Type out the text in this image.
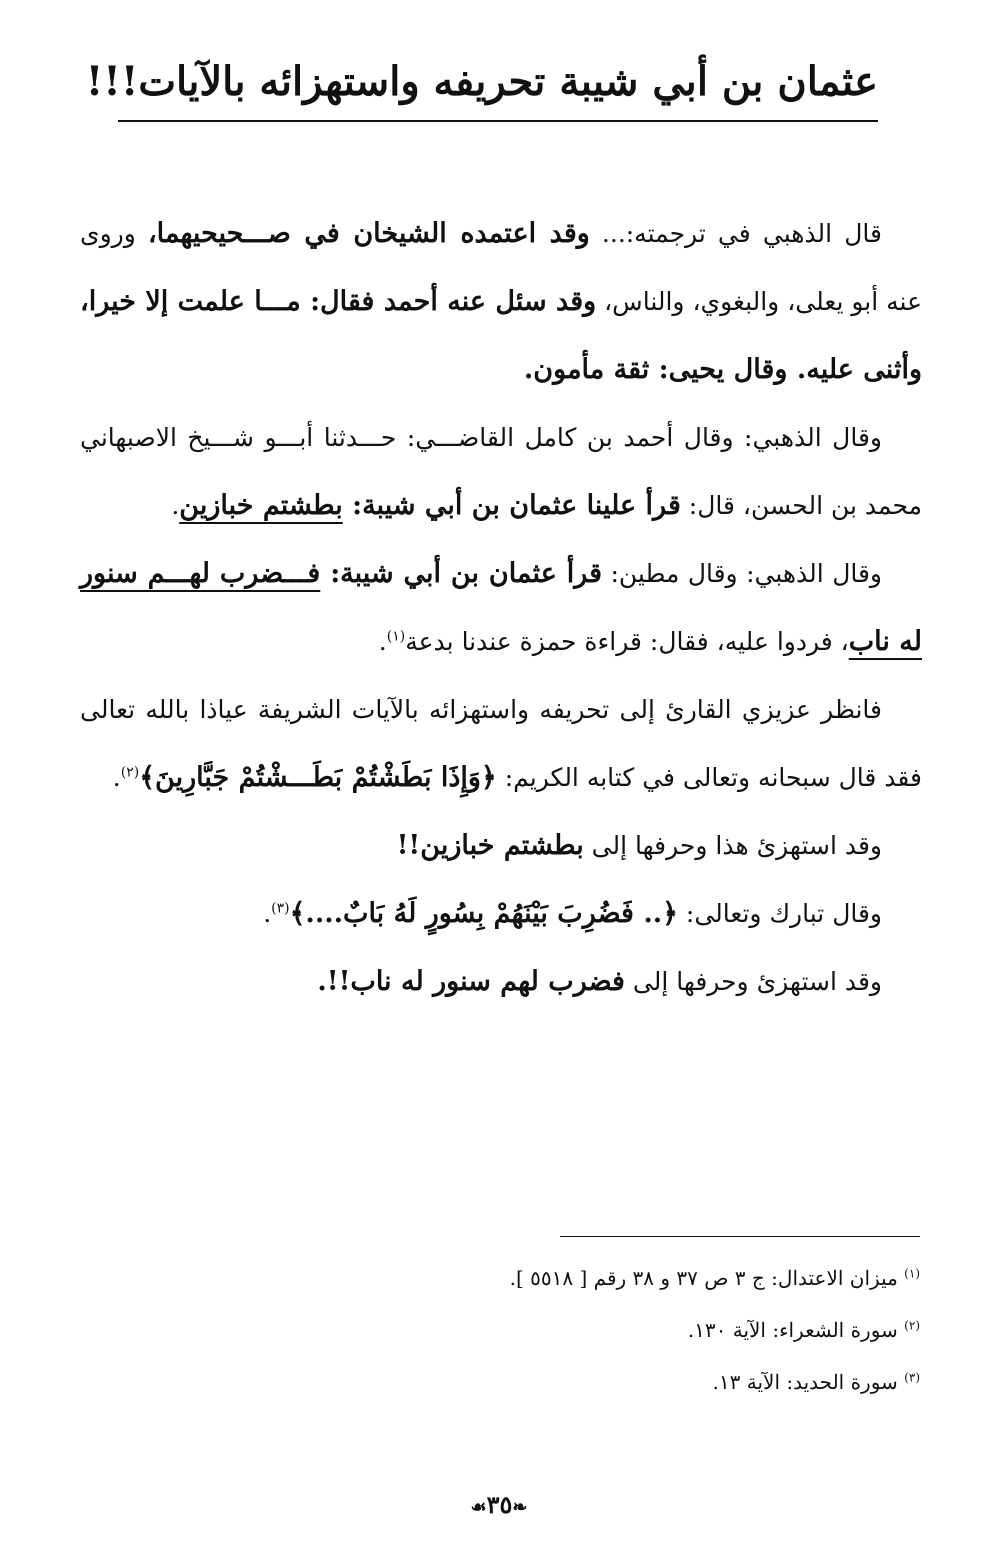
عثمان بن أبي شيبة تحريفه واستهزائه بالآيات!!!

قال الذهبي في ترجمته:... وقد اعتمده الشيخان في صـــحيحيهما، وروى عنه أبو يعلى، والبغوي، والناس، وقد سئل عنه أحمد فقال: مـــا علمت إلا خيرا، وأثنى عليه. وقال يحيى: ثقة مأمون.

وقال الذهبي: وقال أحمد بن كامل القاضـــي: حـــدثنا أبـــو شـــيخ الاصبهاني محمد بن الحسن، قال: قرأ علينا عثمان بن أبي شيبة: بطشتم خبازين.

وقال الذهبي: وقال مطين: قرأ عثمان بن أبي شيبة: فـــضرب لهـــم سنور له ناب، فردوا عليه، فقال: قراءة حمزة عندنا بدعة$^{(١)}$.

فانظر عزيزي القارئ إلى تحريفه واستهزائه بالآيات الشريفة عياذا بالله تعالى فقد قال سبحانه وتعالى في كتابه الكريم: ﴿وَإِذَا بَطَشْتُمْ بَطَـــشْتُمْ جَبَّارِينَ﴾$^{(٢)}$.

وقد استهزئ هذا وحرفها إلى بطشتم خبازين!!

وقال تبارك وتعالى: ﴿.. فَضُرِبَ بَيْنَهُمْ بِسُورٍ لَهُ بَابٌ....﴾$^{(٣)}$.

وقد استهزئ وحرفها إلى فضرب لهم سنور له ناب!!.

$^{(١)}$ ميزان الاعتدال: ج ٣ ص ٣٧ و ٣٨ رقم [ ٥٥١٨ ].

$^{(٢)}$ سورة الشعراء: الآية ١٣٠.

$^{(٣)}$ سورة الحديد: الآية ١٣.

❧٣٥☙
